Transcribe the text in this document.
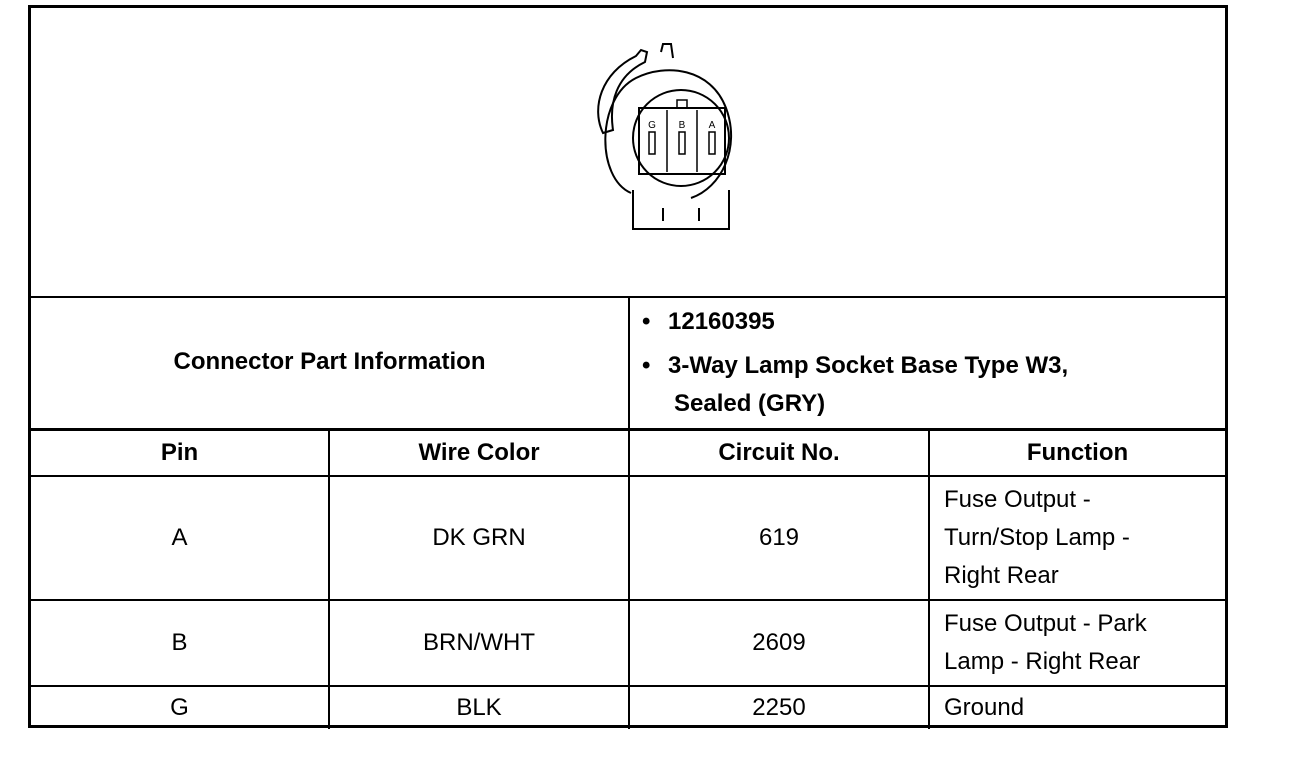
G B A
Connector Part Information
• 12160395
• 3-Way Lamp Socket Base Type W3,
Sealed (GRY)
Pin	Wire Color	Circuit No.	Function
A	DK GRN	619	Fuse Output -
Turn/Stop Lamp -
Right Rear

B	BRN/WHT	2609	Fuse Output - Park
Lamp - Right Rear

G	BLK	2250	Ground
